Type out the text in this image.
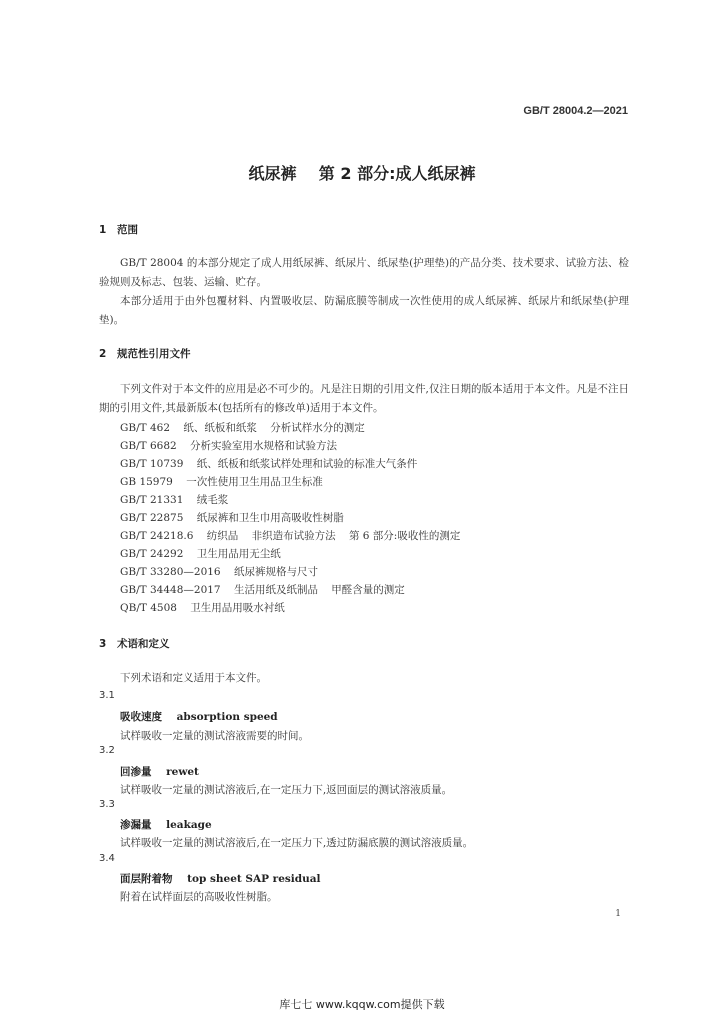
GB/T 28004.2—2021
纸尿裤    第 2 部分:成人纸尿裤
1 范围
GB/T 28004 的本部分规定了成人用纸尿裤、纸尿片、纸尿垫(护理垫)的产品分类、技术要求、试验方法、检验规则及标志、包装、运输、贮存。
本部分适用于由外包覆材料、内置吸收层、防漏底膜等制成一次性使用的成人纸尿裤、纸尿片和纸尿垫(护理垫)。
2 规范性引用文件
下列文件对于本文件的应用是必不可少的。凡是注日期的引用文件,仅注日期的版本适用于本文件。凡是不注日期的引用文件,其最新版本(包括所有的修改单)适用于本文件。
GB/T 462    纸、纸板和纸浆    分析试样水分的测定
GB/T 6682    分析实验室用水规格和试验方法
GB/T 10739    纸、纸板和纸浆试样处理和试验的标准大气条件
GB 15979    一次性使用卫生用品卫生标准
GB/T 21331    绒毛浆
GB/T 22875    纸尿裤和卫生巾用高吸收性树脂
GB/T 24218.6    纺织品    非织造布试验方法    第 6 部分:吸收性的测定
GB/T 24292    卫生用品用无尘纸
GB/T 33280—2016    纸尿裤规格与尺寸
GB/T 34448—2017    生活用纸及纸制品    甲醛含量的测定
QB/T 4508    卫生用品用吸水衬纸
3 术语和定义
下列术语和定义适用于本文件。
3.1
吸收速度    absorption speed
试样吸收一定量的测试溶液需要的时间。
3.2
回渗量    rewet
试样吸收一定量的测试溶液后,在一定压力下,返回面层的测试溶液质量。
3.3
渗漏量    leakage
试样吸收一定量的测试溶液后,在一定压力下,透过防漏底膜的测试溶液质量。
3.4
面层附着物    top sheet SAP residual
附着在试样面层的高吸收性树脂。
1
库七七 www.kqqw.com提供下载
